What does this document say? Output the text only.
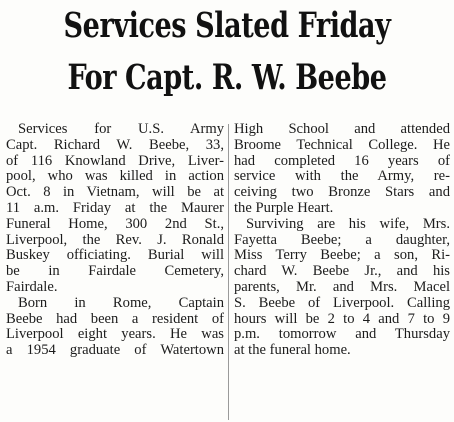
Services Slated Friday
For Capt. R. W. Beebe
Services for U.S. Army
Capt. Richard W. Beebe, 33,
of 116 Knowland Drive, Liver-
pool, who was killed in action
Oct. 8 in Vietnam, will be at
11 a.m. Friday at the Maurer
Funeral Home, 300 2nd St.,
Liverpool, the Rev. J. Ronald
Buskey officiating. Burial will
be in Fairdale Cemetery,
Fairdale.
Born in Rome, Captain
Beebe had been a resident of
Liverpool eight years. He was
a 1954 graduate of Watertown
High School and attended
Broome Technical College. He
had completed 16 years of
service with the Army, re-
ceiving two Bronze Stars and
the Purple Heart.
Surviving are his wife, Mrs.
Fayetta Beebe; a daughter,
Miss Terry Beebe; a son, Ri-
chard W. Beebe Jr., and his
parents, Mr. and Mrs. Macel
S. Beebe of Liverpool. Calling
hours will be 2 to 4 and 7 to 9
p.m. tomorrow and Thursday
at the funeral home.
